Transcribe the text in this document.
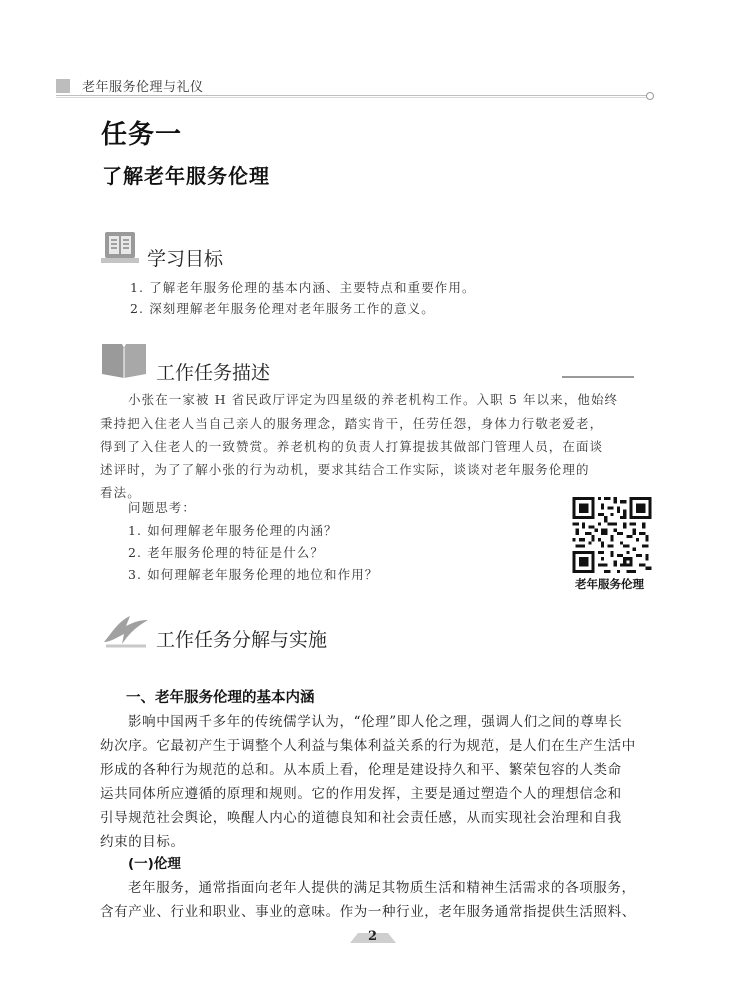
老年服务伦理与礼仪
任务一
了解老年服务伦理
学习目标
1. 了解老年服务伦理的基本内涵、主要特点和重要作用。
2. 深刻理解老年服务伦理对老年服务工作的意义。
工作任务描述
小张在一家被 H 省民政厅评定为四星级的养老机构工作。入职 5 年以来，他始终
秉持把入住老人当自己亲人的服务理念，踏实肯干，任劳任怨，身体力行敬老爱老，
得到了入住老人的一致赞赏。养老机构的负责人打算提拔其做部门管理人员，在面谈
述评时，为了了解小张的行为动机，要求其结合工作实际，谈谈对老年服务伦理的
看法。
问题思考：
1. 如何理解老年服务伦理的内涵？
2. 老年服务伦理的特征是什么？
3. 如何理解老年服务伦理的地位和作用？
老年服务伦理
工作任务分解与实施
一、老年服务伦理的基本内涵
影响中国两千多年的传统儒学认为，“伦理”即人伦之理，强调人们之间的尊卑长
幼次序。它最初产生于调整个人利益与集体利益关系的行为规范，是人们在生产生活中
形成的各种行为规范的总和。从本质上看，伦理是建设持久和平、繁荣包容的人类命
运共同体所应遵循的原理和规则。它的作用发挥，主要是通过塑造个人的理想信念和
引导规范社会舆论，唤醒人内心的道德良知和社会责任感，从而实现社会治理和自我
约束的目标。
(一)伦理
老年服务，通常指面向老年人提供的满足其物质生活和精神生活需求的各项服务，
含有产业、行业和职业、事业的意味。作为一种行业，老年服务通常指提供生活照料、
2
